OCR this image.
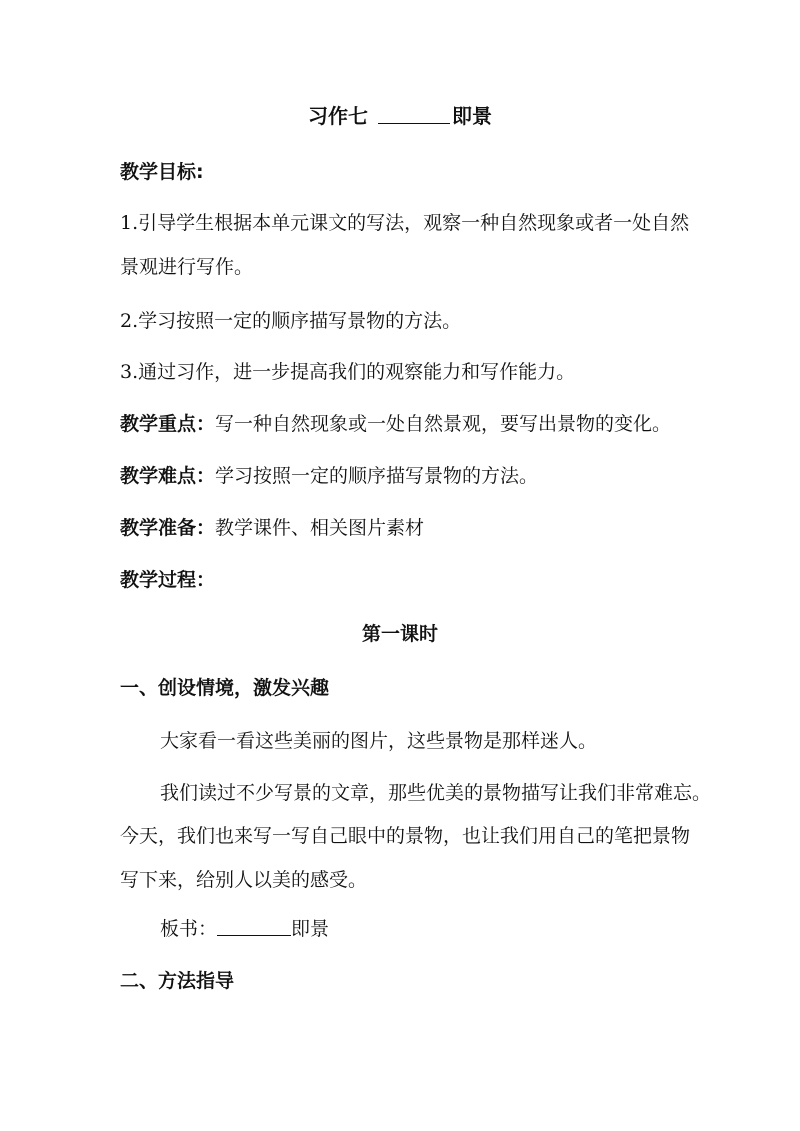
习作七	即景
教学目标:
1.引导学生根据本单元课文的写法，观察一种自然现象或者一处自然
景观进行写作。
2.学习按照一定的顺序描写景物的方法。
3.通过习作，进一步提高我们的观察能力和写作能力。
教学重点：写一种自然现象或一处自然景观，要写出景物的变化。
教学难点：学习按照一定的顺序描写景物的方法。
教学准备：教学课件、相关图片素材
教学过程：
第一课时
一、创设情境，激发兴趣
大家看一看这些美丽的图片，这些景物是那样迷人。
我们读过不少写景的文章，那些优美的景物描写让我们非常难忘。
今天，我们也来写一写自己眼中的景物，也让我们用自己的笔把景物
写下来，给别人以美的感受。
板书：	即景
二、方法指导
